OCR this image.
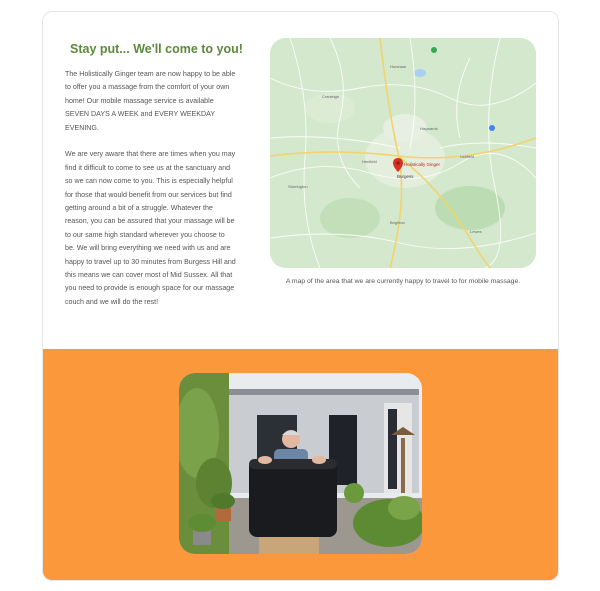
Stay put... We'll come to you!

The Holistically Ginger team are now happy to be able to offer you a massage from the comfort of your own home! Our mobile massage service is available SEVEN DAYS A WEEK and EVERY WEEKDAY EVENING.

We are very aware that there are times when you may find it difficult to come to see us at the sanctuary and so we can now come to you. This is especially helpful for those that would benefit from our services but find getting around a bit of a struggle. Whatever the reason, you can be assured that your massage will be to our same high standard wherever you choose to be. We will bring everything we need with us and are happy to travel up to 30 minutes from Burgess Hill and this means we can cover most of Mid Sussex. All that you need to provide is enough space for our massage couch and we will do the rest!

Cranleigh
Haywards
Henfield
Uckfield
Storrington
Brighton
Lewes
Horsham
Burgess
Holistically Ginger
A map of the area that we are currently happy to travel to for mobile massage.
